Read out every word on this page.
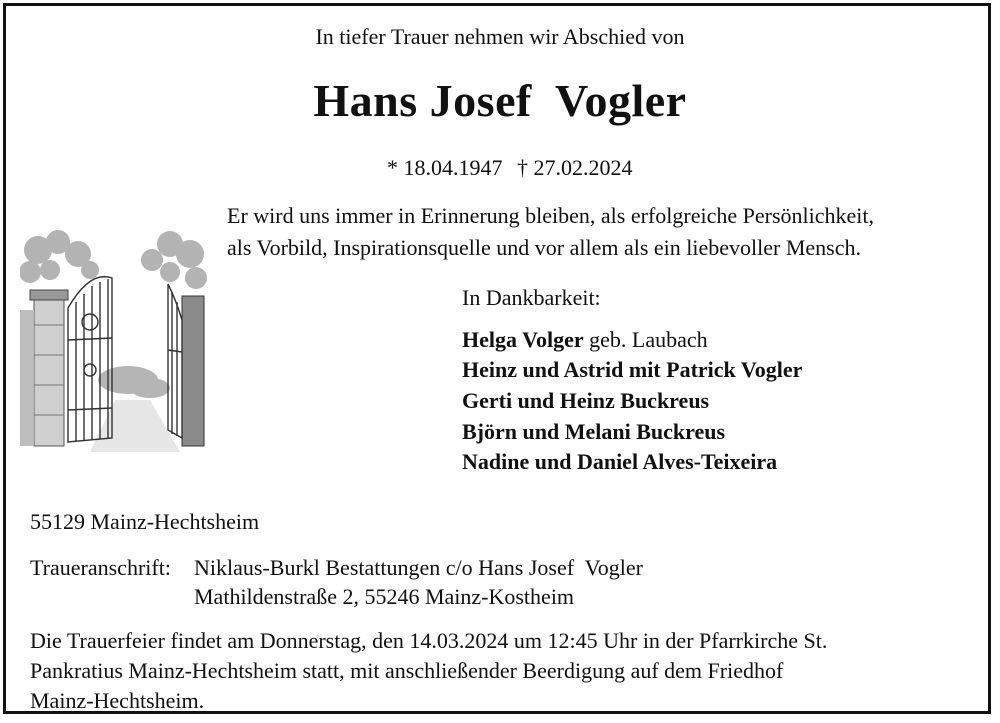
In tiefer Trauer nehmen wir Abschied von
Hans Josef  Vogler
* 18.04.1947 † 27.02.2024
Er wird uns immer in Erinnerung bleiben, als erfolgreiche Persönlichkeit,
als Vorbild, Inspirationsquelle und vor allem als ein liebevoller Mensch.
In Dankbarkeit:
Helga Volger geb. Laubach
Heinz und Astrid mit Patrick Vogler
Gerti und Heinz Buckreus
Björn und Melani Buckreus
Nadine und Daniel Alves-Teixeira
55129 Mainz-Hechtsheim
Traueranschrift: Niklaus-Burkl Bestattungen c/o Hans Josef  Vogler
Mathildenstraße 2, 55246 Mainz-Kostheim
Die Trauerfeier findet am Donnerstag, den 14.03.2024 um 12:45 Uhr in der Pfarrkirche St.
Pankratius Mainz-Hechtsheim statt, mit anschließender Beerdigung auf dem Friedhof
Mainz-Hechtsheim.
